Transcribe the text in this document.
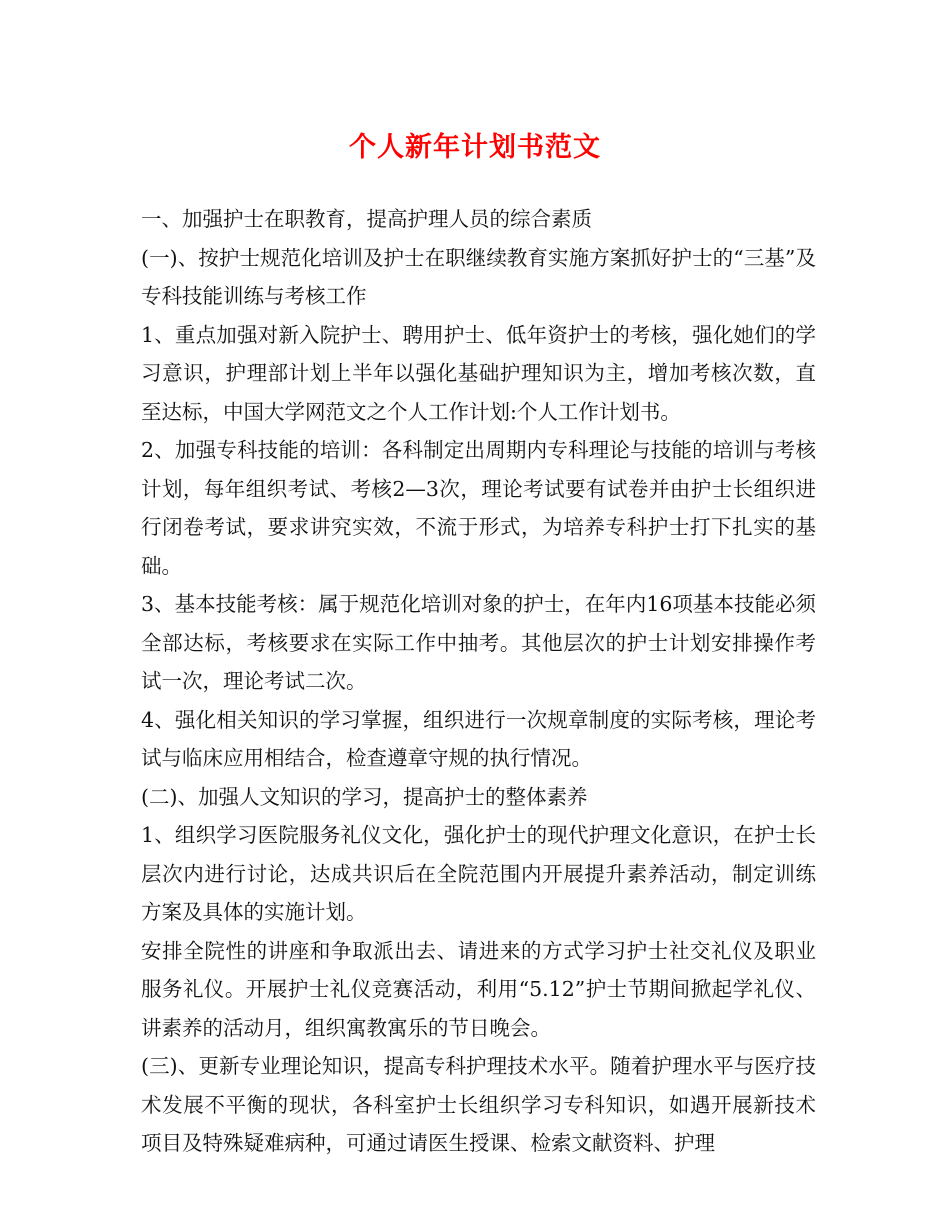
个人新年计划书范文

一、加强护士在职教育，提高护理人员的综合素质

(一)、按护士规范化培训及护士在职继续教育实施方案抓好护士的“三基”及专科技能训练与考核工作

1、重点加强对新入院护士、聘用护士、低年资护士的考核，强化她们的学习意识，护理部计划上半年以强化基础护理知识为主，增加考核次数，直至达标，中国大学网范文之个人工作计划:个人工作计划书。

2、加强专科技能的培训：各科制定出周期内专科理论与技能的培训与考核计划，每年组织考试、考核2—3次，理论考试要有试卷并由护士长组织进行闭卷考试，要求讲究实效，不流于形式，为培养专科护士打下扎实的基础。

3、基本技能考核：属于规范化培训对象的护士，在年内16项基本技能必须全部达标，考核要求在实际工作中抽考。其他层次的护士计划安排操作考试一次，理论考试二次。

4、强化相关知识的学习掌握，组织进行一次规章制度的实际考核，理论考试与临床应用相结合，检查遵章守规的执行情况。

(二)、加强人文知识的学习，提高护士的整体素养

1、组织学习医院服务礼仪文化，强化护士的现代护理文化意识，在护士长层次内进行讨论，达成共识后在全院范围内开展提升素养活动，制定训练方案及具体的实施计划。

安排全院性的讲座和争取派出去、请进来的方式学习护士社交礼仪及职业服务礼仪。开展护士礼仪竞赛活动，利用“5.12”护士节期间掀起学礼仪、讲素养的活动月，组织寓教寓乐的节日晚会。

(三)、更新专业理论知识，提高专科护理技术水平。随着护理水平与医疗技术发展不平衡的现状，各科室护士长组织学习专科知识，如遇开展新技术项目及特殊疑难病种，可通过请医生授课、检索文献资料、护理
